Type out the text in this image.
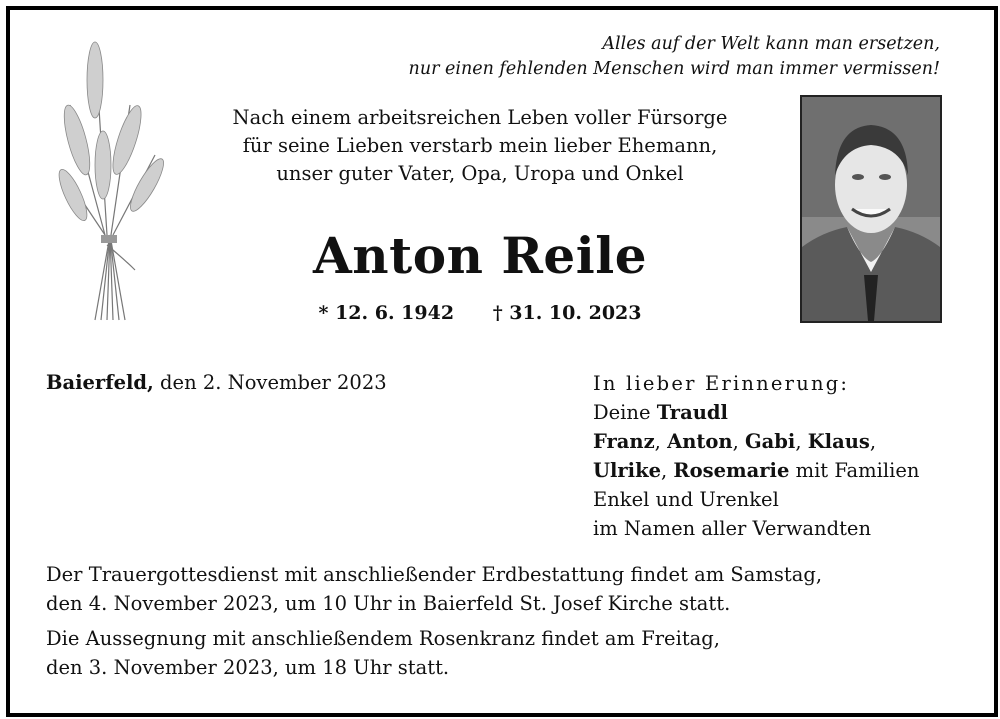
Alles auf der Welt kann man ersetzen,
nur einen fehlenden Menschen wird man immer vermissen!
Nach einem arbeitsreichen Leben voller Fürsorge
für seine Lieben verstarb mein lieber Ehemann,
unser guter Vater, Opa, Uropa und Onkel
Anton Reile
* 12. 6. 1942 † 31. 10. 2023
Baierfeld, den 2. November 2023	In lieber Erinnerung:
Deine Traudl
Franz, Anton, Gabi, Klaus,
Ulrike, Rosemarie mit Familien
Enkel und Urenkel
im Namen aller Verwandten

Der Trauergottesdienst mit anschließender Erdbestattung findet am Samstag,
den 4. November 2023, um 10 Uhr in Baierfeld St. Josef Kirche statt.

Die Aussegnung mit anschließendem Rosenkranz findet am Freitag,
den 3. November 2023, um 18 Uhr statt.
